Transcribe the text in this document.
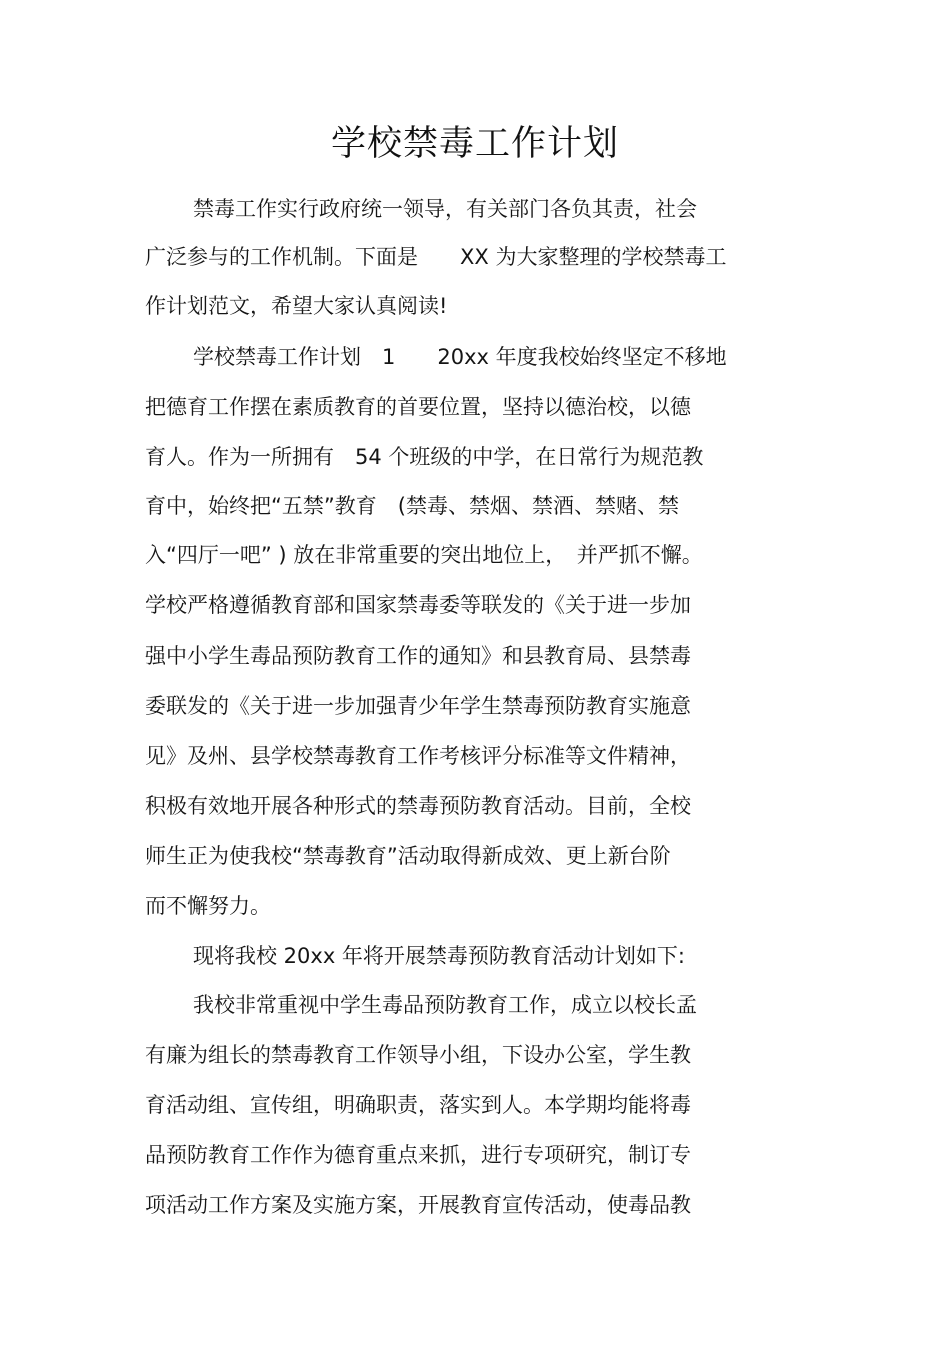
学校禁毒工作计划
禁毒工作实行政府统一领导，有关部门各负其责，社会
广泛参与的工作机制。下面是　　XX 为大家整理的学校禁毒工
作计划范文，希望大家认真阅读!
学校禁毒工作计划　1　　20xx 年度我校始终坚定不移地
把德育工作摆在素质教育的首要位置，坚持以德治校，以德
育人。作为一所拥有　54 个班级的中学，在日常行为规范教
育中，始终把“五禁”教育　(禁毒、禁烟、禁酒、禁赌、禁
入“四厅一吧” ) 放在非常重要的突出地位上，　并严抓不懈。
学校严格遵循教育部和国家禁毒委等联发的《关于进一步加
强中小学生毒品预防教育工作的通知》和县教育局、县禁毒
委联发的《关于进一步加强青少年学生禁毒预防教育实施意
见》及州、县学校禁毒教育工作考核评分标准等文件精神，
积极有效地开展各种形式的禁毒预防教育活动。目前，全校
师生正为使我校“禁毒教育”活动取得新成效、更上新台阶
而不懈努力。
现将我校 20xx 年将开展禁毒预防教育活动计划如下:
我校非常重视中学生毒品预防教育工作，成立以校长孟
有廉为组长的禁毒教育工作领导小组，下设办公室，学生教
育活动组、宣传组，明确职责，落实到人。本学期均能将毒
品预防教育工作作为德育重点来抓，进行专项研究，制订专
项活动工作方案及实施方案，开展教育宣传活动，使毒品教
